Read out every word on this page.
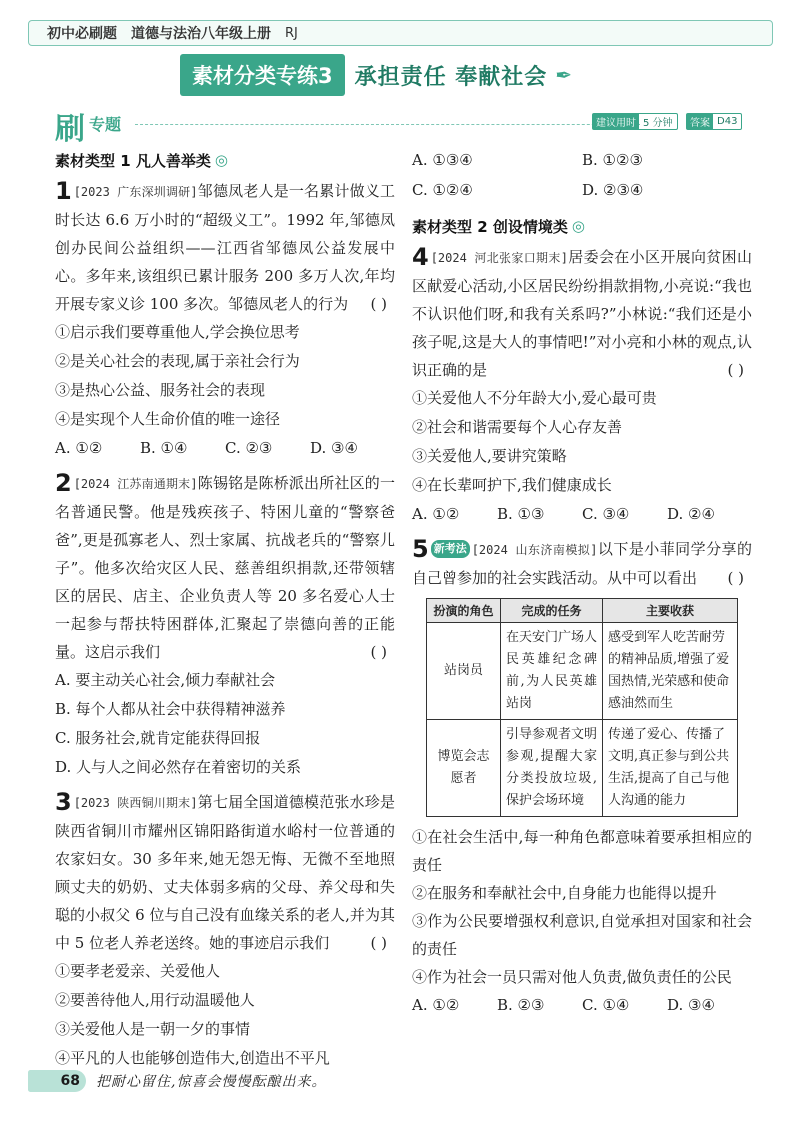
初中必刷题 道德与法治八年级上册 RJ
素材分类专练3	承担责任 奉献社会 ✒
刷 专题	建议用时 5 分钟	答案 D43
素材类型 1 凡人善举类 ◎
1 [2023 广东深圳调研]邹德凤老人是一名累计做义工时长达 6.6 万小时的“超级义工”。1992 年,邹德凤创办民间公益组织——江西省邹德凤公益发展中心。多年来,该组织已累计服务 200 多万人次,年均开展专家义诊 100 多次。邹德凤老人的行为 ( )
①启示我们要尊重他人,学会换位思考
②是关心社会的表现,属于亲社会行为
③是热心公益、服务社会的表现
④是实现个人生命价值的唯一途径
A. ①②	B. ①④	C. ②③	D. ③④
2 [2024 江苏南通期末]陈锡铭是陈桥派出所社区的一名普通民警。他是残疾孩子、特困儿童的“警察爸爸”,更是孤寡老人、烈士家属、抗战老兵的“警察儿子”。他多次给灾区人民、慈善组织捐款,还带领辖区的居民、店主、企业负责人等 20 多名爱心人士一起参与帮扶特困群体,汇聚起了崇德向善的正能量。这启示我们	( )
A. 要主动关心社会,倾力奉献社会
B. 每个人都从社会中获得精神滋养
C. 服务社会,就肯定能获得回报
D. 人与人之间必然存在着密切的关系
3 [2023 陕西铜川期末]第七届全国道德模范张水珍是陕西省铜川市耀州区锦阳路街道水峪村一位普通的农家妇女。30 多年来,她无怨无悔、无微不至地照顾丈夫的奶奶、丈夫体弱多病的父母、养父母和失聪的小叔父 6 位与自己没有血缘关系的老人,并为其中 5 位老人养老送终。她的事迹启示我们	( )
①要孝老爱亲、关爱他人
②要善待他人,用行动温暖他人
③关爱他人是一朝一夕的事情
④平凡的人也能够创造伟大,创造出不平凡
A. ①③④	B. ①②③
C. ①②④	D. ②③④
素材类型 2 创设情境类 ◎
4 [2024 河北张家口期末]居委会在小区开展向贫困山区献爱心活动,小区居民纷纷捐款捐物,小亮说:“我也不认识他们呀,和我有关系吗?”小林说:“我们还是小孩子呢,这是大人的事情吧!”对小亮和小林的观点,认识正确的是	( )
①关爱他人不分年龄大小,爱心最可贵
②社会和谐需要每个人心存友善
③关爱他人,要讲究策略
④在长辈呵护下,我们健康成长
A. ①②	B. ①③	C. ③④	D. ②④
5 新考法 [2024 山东济南模拟]以下是小菲同学分享的自己曾参加的社会实践活动。从中可以看出 ( )
扮演的角色	完成的任务	主要收获
站岗员	在天安门广场人民英雄纪念碑前,为人民英雄站岗	感受到军人吃苦耐劳的精神品质,增强了爱国热情,光荣感和使命感油然而生
博览会志愿者	引导参观者文明参观,提醒大家分类投放垃圾,保护会场环境	传递了爱心、传播了文明,真正参与到公共生活,提高了自己与他人沟通的能力
①在社会生活中,每一种角色都意味着要承担相应的责任
②在服务和奉献社会中,自身能力也能得以提升
③作为公民要增强权利意识,自觉承担对国家和社会的责任
④作为社会一员只需对他人负责,做负责任的公民
A. ①②	B. ②③	C. ①④	D. ③④
68	把耐心留住,惊喜会慢慢酝酿出来。
